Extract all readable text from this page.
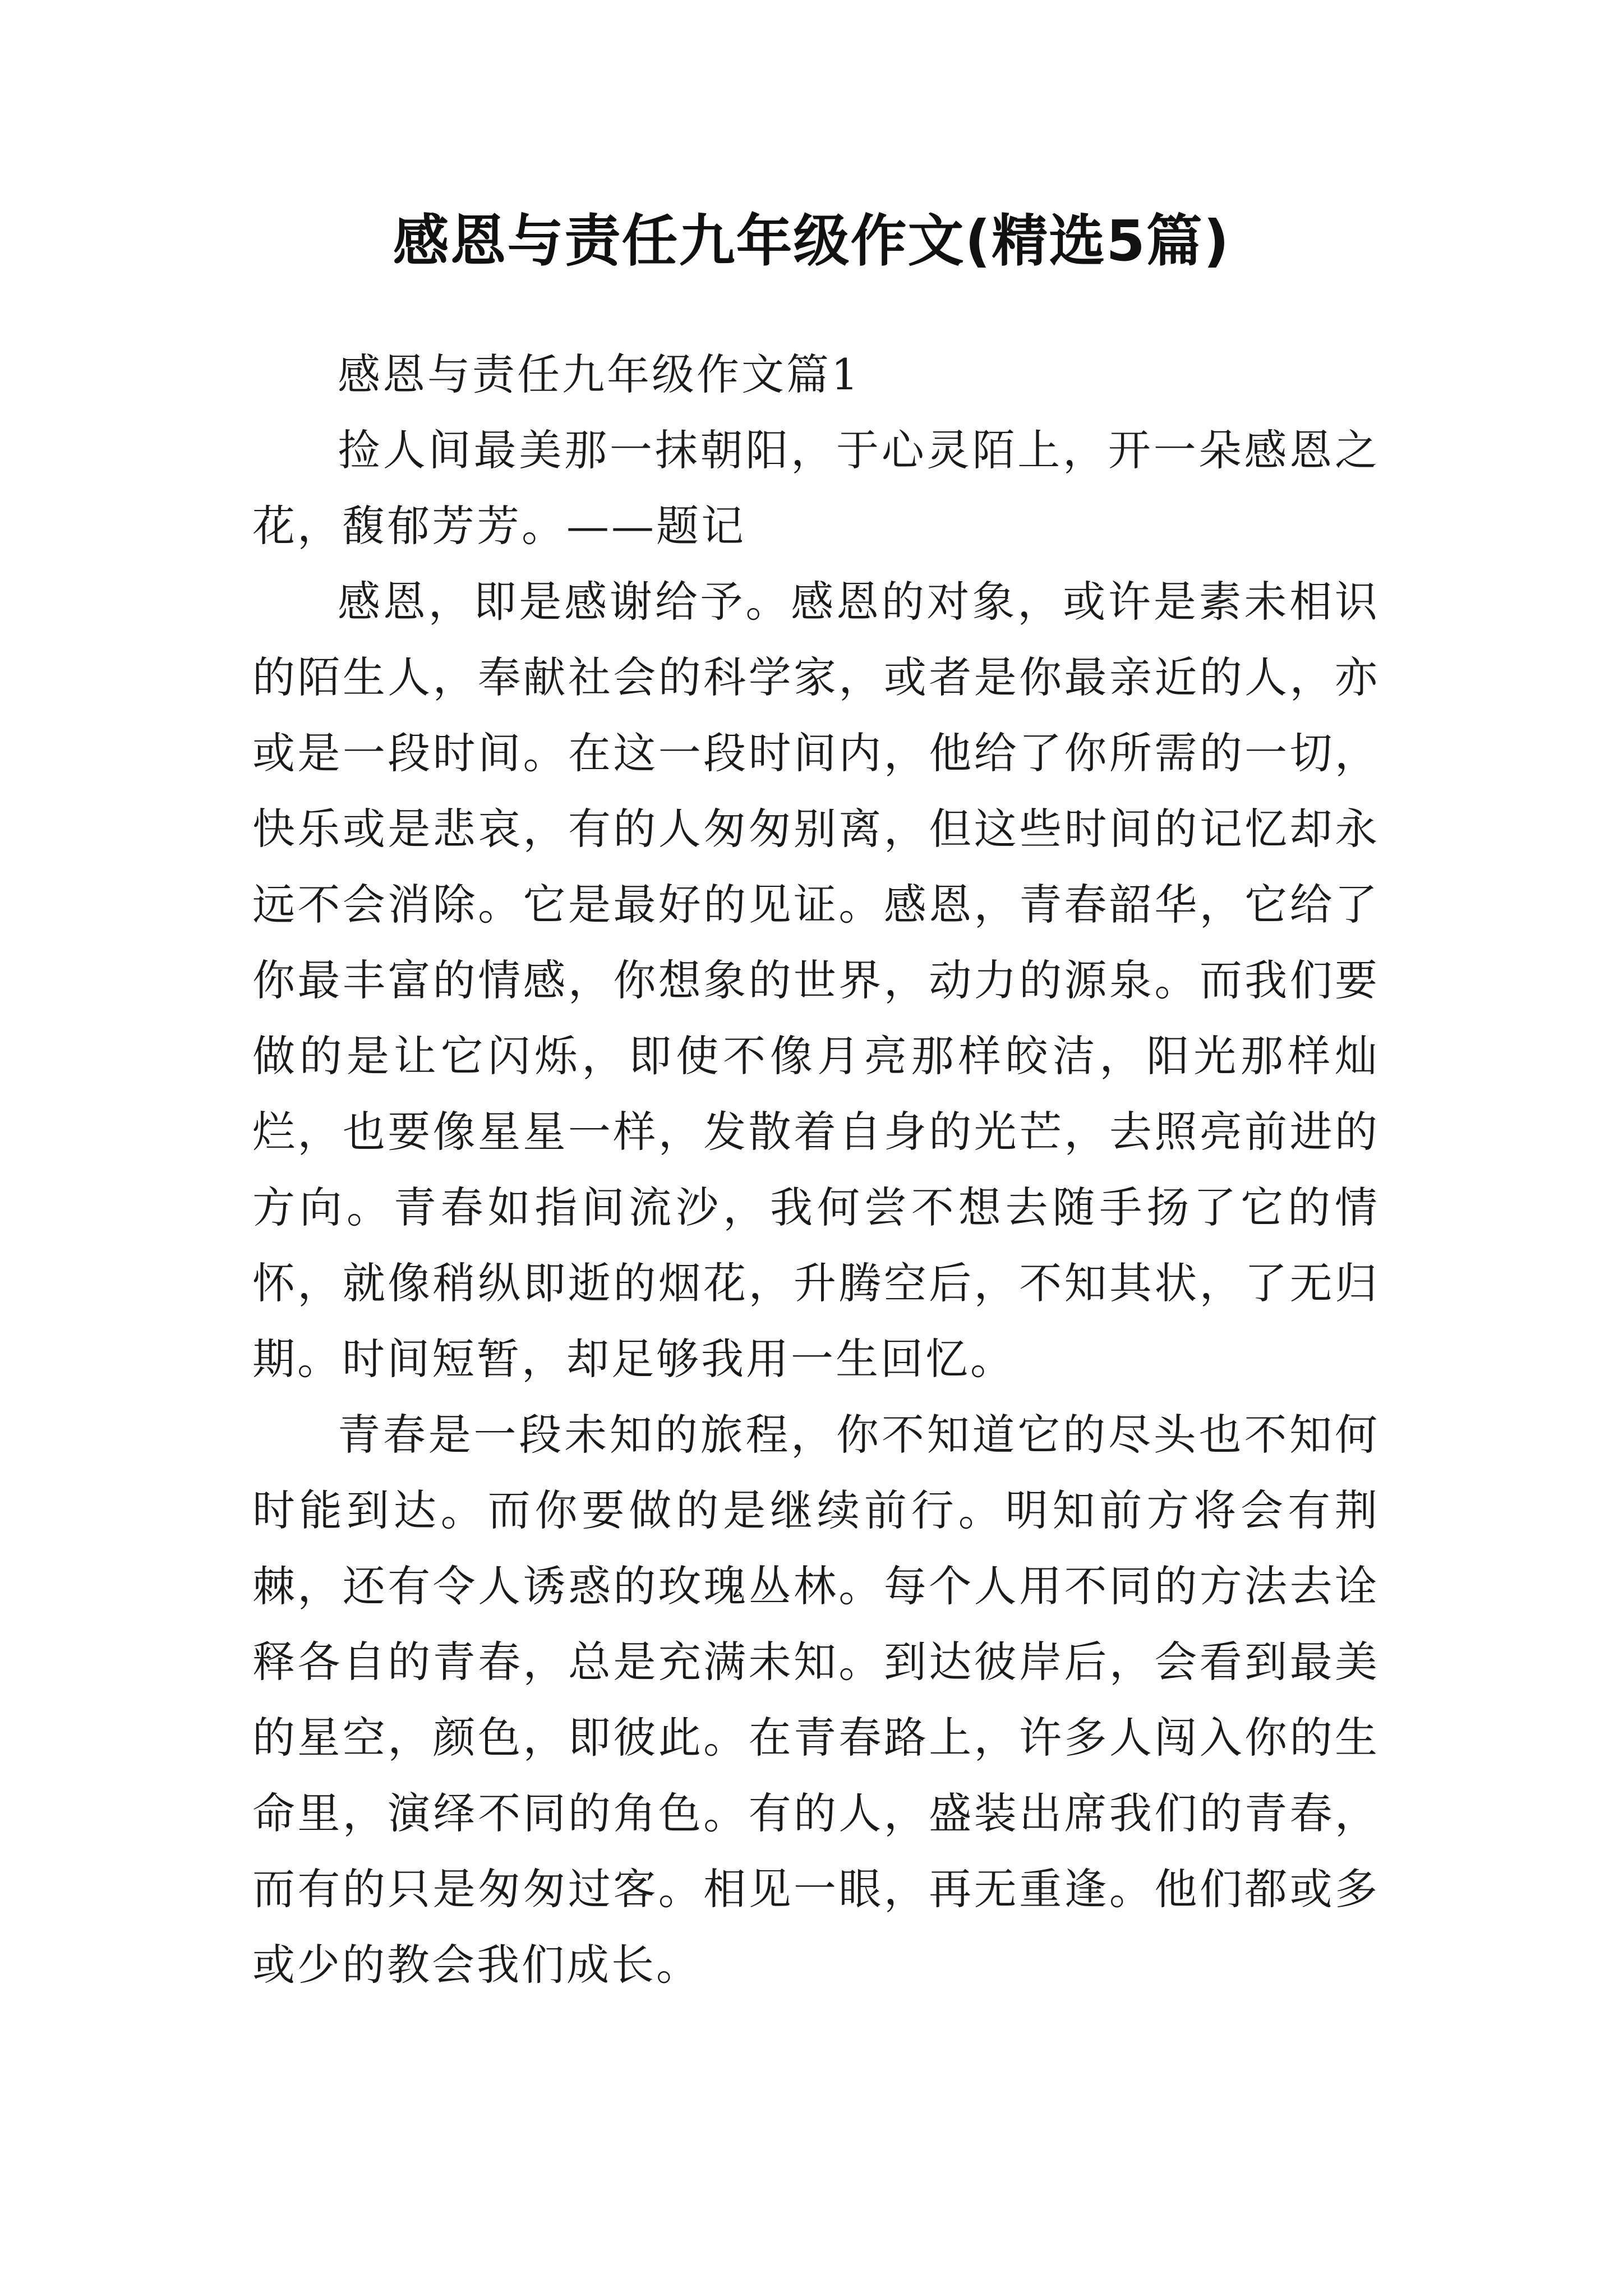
感恩与责任九年级作文(精选5篇)

感恩与责任九年级作文篇1

捡人间最美那一抹朝阳，于心灵陌上，开一朵感恩之花，馥郁芳芳。——题记

感恩，即是感谢给予。感恩的对象，或许是素未相识的陌生人，奉献社会的科学家，或者是你最亲近的人，亦或是一段时间。在这一段时间内，他给了你所需的一切，快乐或是悲哀，有的人匆匆别离，但这些时间的记忆却永远不会消除。它是最好的见证。感恩，青春韶华，它给了你最丰富的情感，你想象的世界，动力的源泉。而我们要做的是让它闪烁，即使不像月亮那样皎洁，阳光那样灿烂，也要像星星一样，发散着自身的光芒，去照亮前进的方向。青春如指间流沙，我何尝不想去随手扬了它的情怀，就像稍纵即逝的烟花，升腾空后，不知其状，了无归期。时间短暂，却足够我用一生回忆。

青春是一段未知的旅程，你不知道它的尽头也不知何时能到达。而你要做的是继续前行。明知前方将会有荆棘，还有令人诱惑的玫瑰丛林。每个人用不同的方法去诠释各自的青春，总是充满未知。到达彼岸后，会看到最美的星空，颜色，即彼此。在青春路上，许多人闯入你的生命里，演绎不同的角色。有的人，盛装出席我们的青春，而有的只是匆匆过客。相见一眼，再无重逢。他们都或多或少的教会我们成长。
